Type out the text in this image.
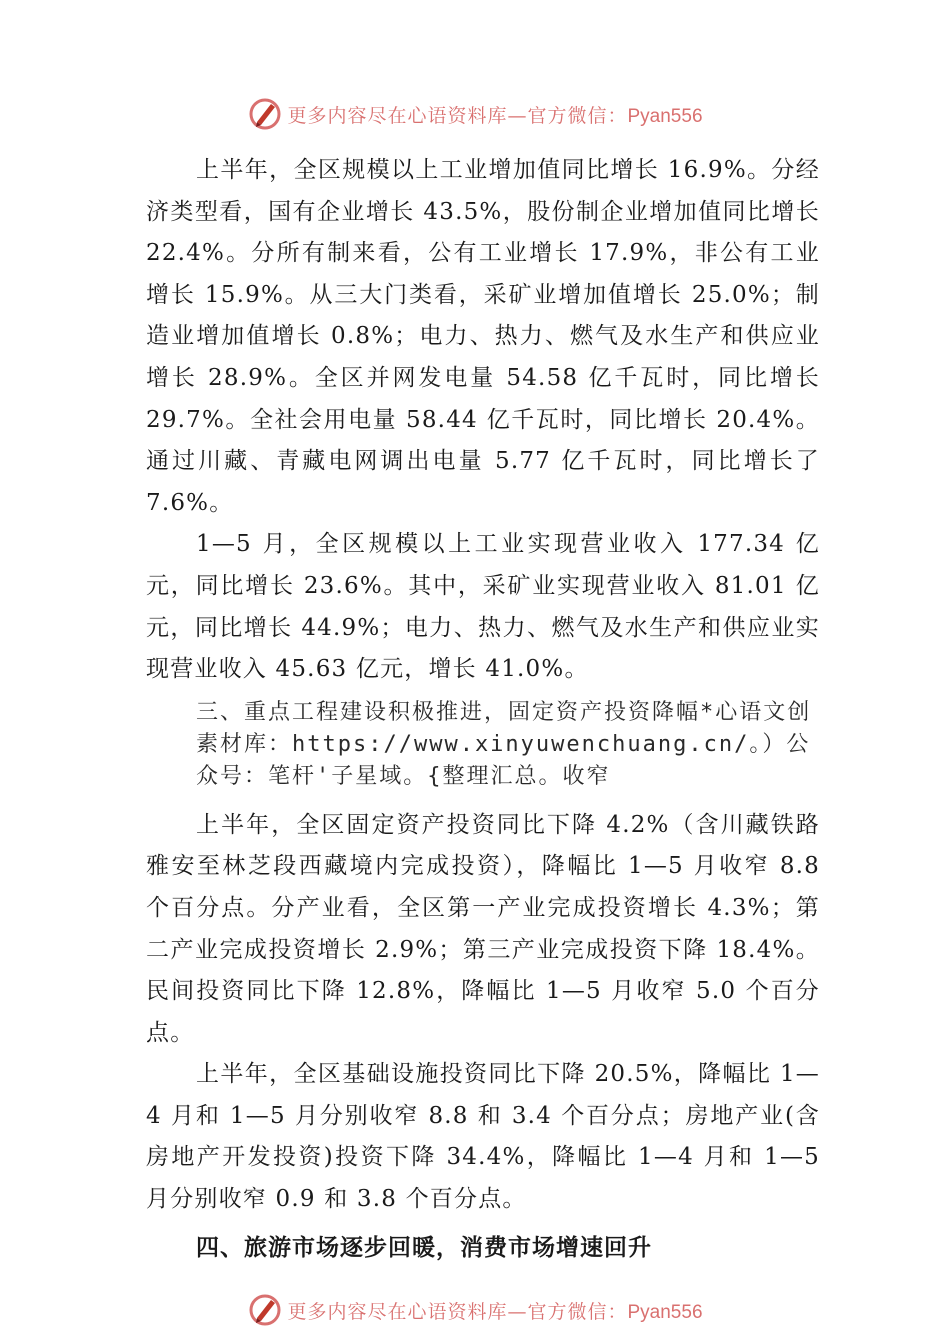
更多内容尽在心语资料库—官方微信：Pyan556

上半年，全区规模以上工业增加值同比增长 16.9%。分经济类型看，国有企业增长 43.5%，股份制企业增加值同比增长 22.4%。分所有制来看，公有工业增长 17.9%，非公有工业增长 15.9%。从三大门类看，采矿业增加值增长 25.0%；制造业增加值增长 0.8%；电力、热力、燃气及水生产和供应业增长 28.9%。全区并网发电量 54.58 亿千瓦时，同比增长 29.7%。全社会用电量 58.44 亿千瓦时，同比增长 20.4%。通过川藏、青藏电网调出电量 5.77 亿千瓦时，同比增长了 7.6%。

1—5 月，全区规模以上工业实现营业收入 177.34 亿元，同比增长 23.6%。其中，采矿业实现营业收入 81.01 亿元，同比增长 44.9%；电力、热力、燃气及水生产和供应业实现营业收入 45.63 亿元，增长 41.0%。

三、重点工程建设积极推进，固定资产投资降幅*心语文创素材库：https://www.xinyuwenchuang.cn/。）公众号：笔杆'子星域。{整理汇总。收窄

上半年，全区固定资产投资同比下降 4.2%（含川藏铁路雅安至林芝段西藏境内完成投资），降幅比 1—5 月收窄 8.8 个百分点。分产业看，全区第一产业完成投资增长 4.3%；第二产业完成投资增长 2.9%；第三产业完成投资下降 18.4%。民间投资同比下降 12.8%，降幅比 1—5 月收窄 5.0 个百分点。

上半年，全区基础设施投资同比下降 20.5%，降幅比 1—4 月和 1—5 月分别收窄 8.8 和 3.4 个百分点；房地产业(含房地产开发投资)投资下降 34.4%，降幅比 1—4 月和 1—5 月分别收窄 0.9 和 3.8 个百分点。

四、旅游市场逐步回暖，消费市场增速回升

更多内容尽在心语资料库—官方微信：Pyan556
